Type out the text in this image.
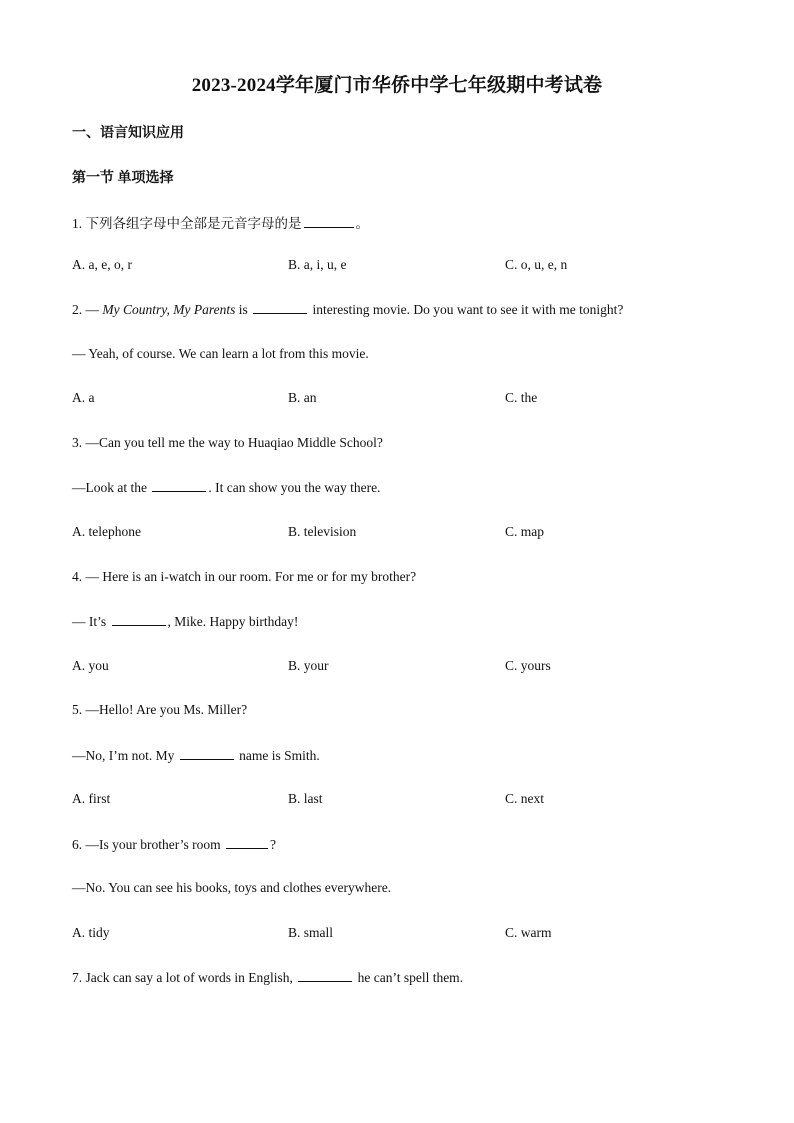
2023-2024学年厦门市华侨中学七年级期中考试卷
一、语言知识应用
第一节 单项选择
1. 下列各组字母中全部是元音字母的是	。
A. a, e, o, r	B. a, i, u, e	C. o, u, e, n
2. — My Country, My Parents is	interesting movie. Do you want to see it with me tonight?
— Yeah, of course. We can learn a lot from this movie.
A. a	B. an	C. the
3. —Can you tell me the way to Huaqiao Middle School?
—Look at the	. It can show you the way there.
A. telephone	B. television	C. map
4. — Here is an i-watch in our room. For me or for my brother?
— It’s	, Mike. Happy birthday!
A. you	B. your	C. yours
5. —Hello! Are you Ms. Miller?
—No, I’m not. My	name is Smith.
A. first	B. last	C. next
6. —Is your brother’s room	?
—No. You can see his books, toys and clothes everywhere.
A. tidy	B. small	C. warm
7. Jack can say a lot of words in English,	he can’t spell them.
